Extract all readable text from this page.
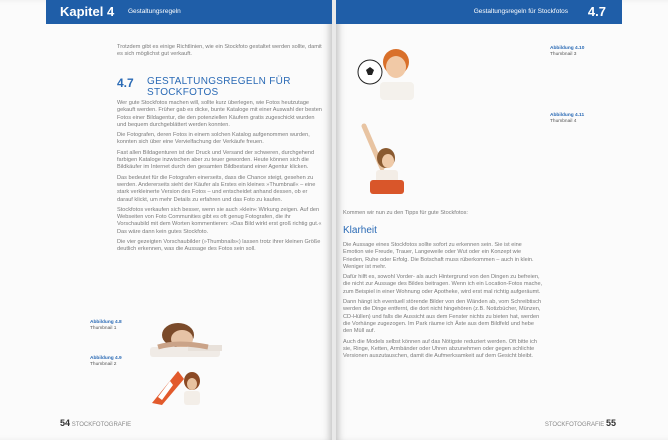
Kapitel 4 Gestaltungsregeln

Trotzdem gibt es einige Richtlinien, wie ein Stockfoto gestaltet werden sollte, damit es sich möglichst gut verkauft.

4.7 GESTALTUNGSREGELN FÜR STOCKFOTOS

Wer gute Stockfotos machen will, sollte kurz überlegen, wie Fotos heutzutage gekauft werden. Früher gab es dicke, bunte Kataloge mit einer Auswahl der besten Fotos einer Bildagentur, die den potenziellen Käufern gratis zugeschickt wurden und bequem durchgeblättert werden konnten.

Die Fotografen, deren Fotos in einem solchen Katalog aufgenommen wurden, konnten sich über eine Vervielfachung der Verkäufe freuen.

Fast allen Bildagenturen ist der Druck und Versand der schweren, durchgehend farbigen Kataloge inzwischen aber zu teuer geworden. Heute können sich die Bildkäufer im Internet durch den gesamten Bildbestand einer Agentur klicken.

Das bedeutet für die Fotografen einerseits, dass die Chance steigt, gesehen zu werden. Andererseits sieht der Käufer als Erstes ein kleines »Thumbnail« – eine stark verkleinerte Version des Fotos – und entscheidet anhand dessen, ob er darauf klickt, um mehr Details zu erfahren und das Foto zu kaufen.

Stockfotos verkaufen sich besser, wenn sie auch »klein« Wirkung zeigen. Auf den Webseiten von Foto Communities gibt es oft genug Fotografen, die ihr Vorschaubild mit dem Worten kommentieren: »Das Bild wirkt erst groß richtig gut.« Das wäre dann kein gutes Stockfoto.

Die vier gezeigten Vorschaubilder (»Thumbnails«) lassen trotz ihrer kleinen Größe deutlich erkennen, was die Aussage des Fotos sein soll.

Abbildung 4.8
Thumbnail 1
Abbildung 4.9
Thumbnail 2
54 STOCKFOTOGRAFIE
Gestaltungsregeln für Stockfotos 4.7
Abbildung 4.10
Thumbnail 3
Abbildung 4.11
Thumbnail 4

Kommen wir nun zu den Tipps für gute Stockfotos:

Klarheit

Die Aussage eines Stockfotos sollte sofort zu erkennen sein. Sie ist eine Emotion wie Freude, Trauer, Langeweile oder Wut oder ein Konzept wie Frieden, Ruhe oder Erfolg. Die Botschaft muss rüberkommen – auch in klein. Weniger ist mehr.

Dafür hilft es, sowohl Vorder- als auch Hintergrund von den Dingen zu befreien, die nicht zur Aussage des Bildes beitragen. Wenn ich ein Location-Fotos mache, zum Beispiel in einer Wohnung oder Apotheke, wird erst mal richtig aufgeräumt.

Dann hängt ich eventuell störende Bilder von den Wänden ab, vom Schreibtisch werden die Dinge entfernt, die dort nicht hingehören (z.B. Notizbücher, Münzen, CD-Hüllen) und falls die Aussicht aus dem Fenster nichts zu bieten hat, werden die Vorhänge zugezogen. Im Park räume ich Äste aus dem Bildfeld und hebe den Müll auf.

Auch die Models selbst können auf das Nötigste reduziert werden. Oft bitte ich sie, Ringe, Ketten, Armbänder oder Uhren abzunehmen oder gegen schlichte Versionen auszutauschen, damit die Aufmerksamkeit auf dem Gesicht bleibt.

STOCKFOTOGRAFIE 55
